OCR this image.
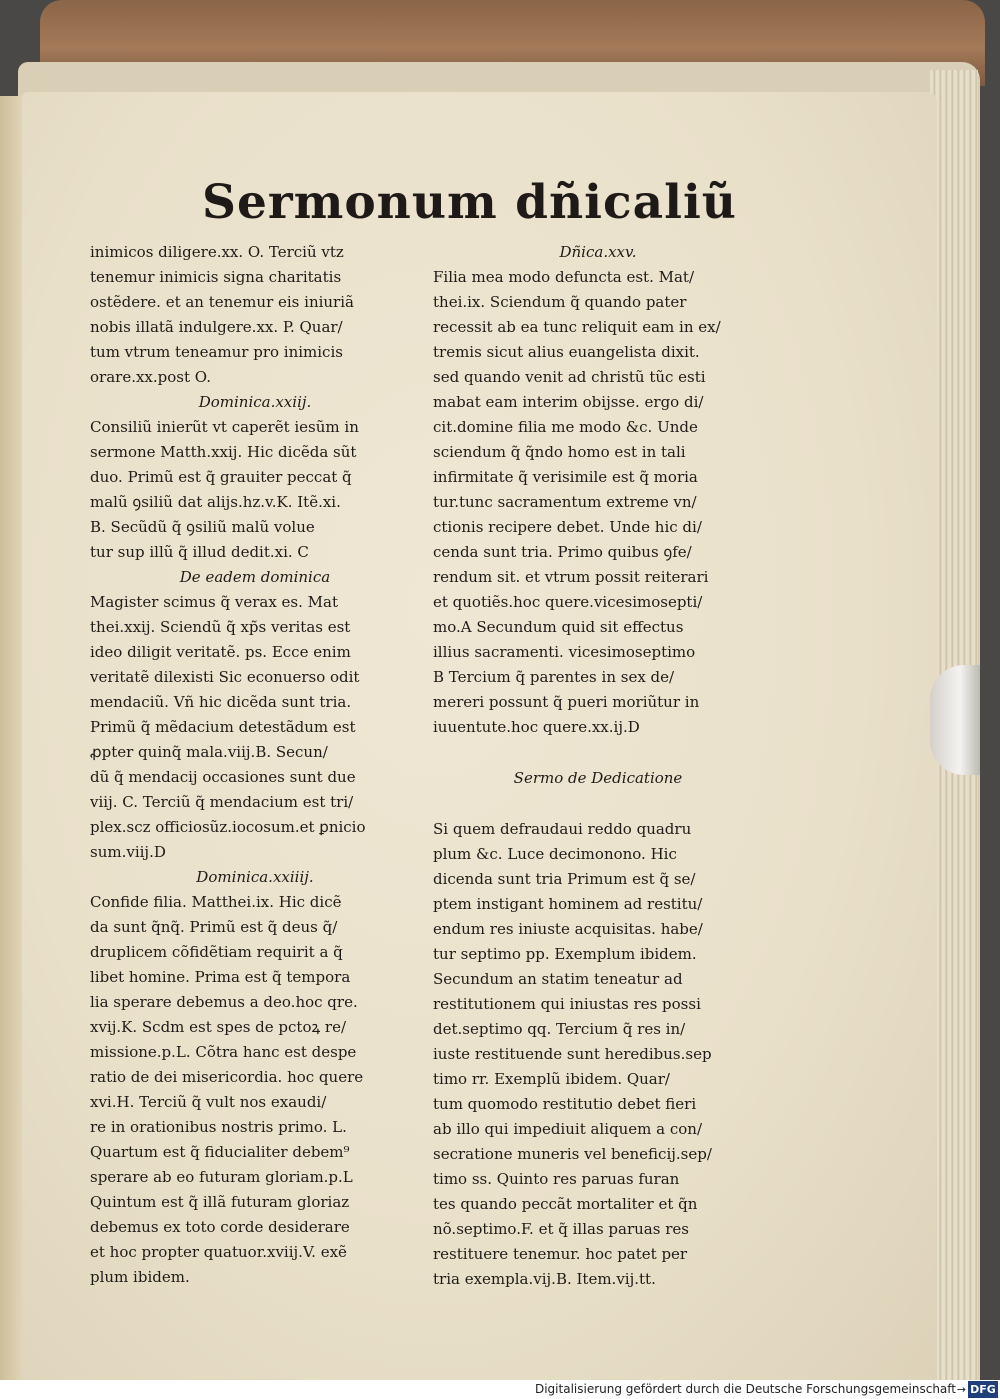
Sermonum dñicaliũ
inimicos diligere.xx. O. Terciũ vtz
tenemur inimicis signa charitatis
ostẽdere. et an tenemur eis iniuriã
nobis illatã indulgere.xx. P. Quar/
tum vtrum teneamur pro inimicis
orare.xx.post O.
Dominica.xxiij.
Consiliũ inierũt vt caperẽt iesũm in
sermone Matth.xxij. Hic dicẽda sũt
duo. Primũ est q̃ grauiter peccat q̃
malũ ꝯsiliũ dat alijs.hz.v.K. Itẽ.xi.
B. Secũdũ q̃ ꝯsiliũ malũ volue
tur sup illũ q̃ illud dedit.xi. C
De eadem dominica
Magister scimus q̃ verax es. Mat
thei.xxij. Sciendũ q̃ xp̃s veritas est
ideo diligit veritatẽ. ps. Ecce enim
veritatẽ dilexisti Sic econuerso odit
mendaciũ. Vñ hic dicẽda sunt tria.
Primũ q̃ mẽdacium detestãdum est
ꝓpter quinq̃ mala.viij.B. Secun/
dũ q̃ mendacij occasiones sunt due
viij. C. Terciũ q̃ mendacium est tri/
plex.scz officiosũz.iocosum.et ꝑnicio
sum.viij.D
Dominica.xxiiij.
Confide filia. Matthei.ix. Hic dicẽ
da sunt q̃nq̃. Primũ est q̃ deus q̃/
druplicem cõfidẽtiam requirit a q̃
libet homine. Prima est q̃ tempora
lia sperare debemus a deo.hoc qre.
xvij.K. Scdm est spes de pctoꝝ re/
missione.p.L. Cõtra hanc est despe
ratio de dei misericordia. hoc quere
xvi.H. Terciũ q̃ vult nos exaudi/
re in orationibus nostris primo. L.
Quartum est q̃ fiducialiter debem⁹
sperare ab eo futuram gloriam.p.L
Quintum est q̃ illã futuram gloriaz
debemus ex toto corde desiderare
et hoc propter quatuor.xviij.V. exẽ
plum ibidem.
Dñica.xxv.
Filia mea modo defuncta est. Mat/
thei.ix. Sciendum q̃ quando pater
recessit ab ea tunc reliquit eam in ex/
tremis sicut alius euangelista dixit.
sed quando venit ad christũ tũc esti
mabat eam interim obijsse. ergo di/
cit.domine filia me modo &c. Unde
sciendum q̃ q̃ndo homo est in tali
infirmitate q̃ verisimile est q̃ moria
tur.tunc sacramentum extreme vn/
ctionis recipere debet. Unde hic di/
cenda sunt tria. Primo quibus ꝯfe/
rendum sit. et vtrum possit reiterari
et quotiẽs.hoc quere.vicesimosepti/
mo.A Secundum quid sit effectus
illius sacramenti. vicesimoseptimo
B Tercium q̃ parentes in sex de/
mereri possunt q̃ pueri moriũtur in
iuuentute.hoc quere.xx.ij.D
Sermo de Dedicatione
Si quem defraudaui reddo quadru
plum &c. Luce decimonono. Hic
dicenda sunt tria Primum est q̃ se/
ptem instigant hominem ad restitu/
endum res iniuste acquisitas. habe/
tur septimo pp. Exemplum ibidem.
Secundum an statim teneatur ad
restitutionem qui iniustas res possi
det.septimo qq. Tercium q̃ res in/
iuste restituende sunt heredibus.sep
timo rr. Exemplũ ibidem. Quar/
tum quomodo restitutio debet fieri
ab illo qui impediuit aliquem a con/
secratione muneris vel beneficij.sep/
timo ss. Quinto res paruas furan
tes quando peccãt mortaliter et q̃n
nõ.septimo.F. et q̃ illas paruas res
restituere tenemur. hoc patet per
tria exempla.vij.B. Item.vij.tt.
Digitalisierung gefördert durch die Deutsche Forschungsgemeinschaft → DFG
